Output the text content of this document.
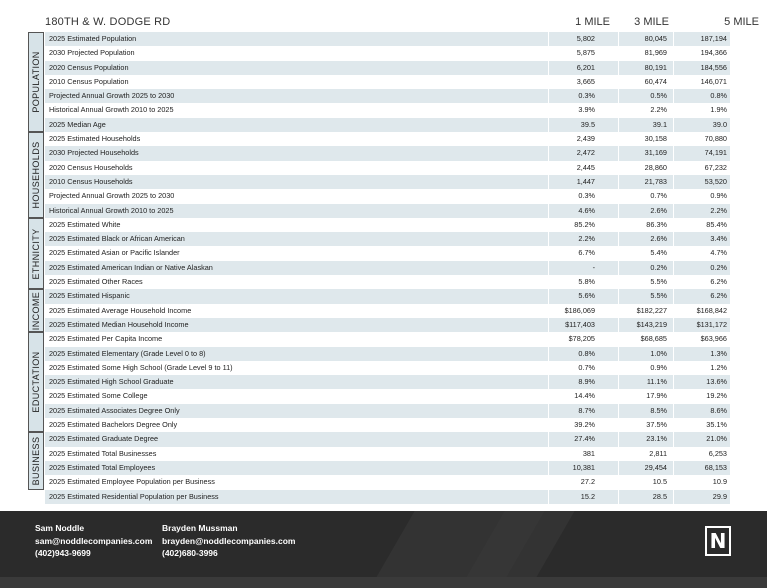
180TH & W. DODGE RD	1 MILE	3 MILE	5 MILE
POPULATION
HOUSEHOLDS
ETHNICITY
INCOME
EDUCTATION
BUSINESS
2025 Estimated Population	5,802	80,045	187,194
2030 Projected Population	5,875	81,969	194,366
2020 Census Population	6,201	80,191	184,556
2010 Census Population	3,665	60,474	146,071
Projected Annual Growth 2025 to 2030	0.3%	0.5%	0.8%
Historical Annual Growth 2010 to 2025	3.9%	2.2%	1.9%
2025 Median Age	39.5	39.1	39.0
2025 Estimated Households	2,439	30,158	70,880
2030 Projected Households	2,472	31,169	74,191
2020 Census Households	2,445	28,860	67,232
2010 Census Households	1,447	21,783	53,520
Projected Annual Growth 2025 to 2030	0.3%	0.7%	0.9%
Historical Annual Growth 2010 to 2025	4.6%	2.6%	2.2%
2025 Estimated White	85.2%	86.3%	85.4%
2025 Estimated Black or African American	2.2%	2.6%	3.4%
2025 Estimated Asian or Pacific Islander	6.7%	5.4%	4.7%
2025 Estimated American Indian or Native Alaskan	-	0.2%	0.2%
2025 Estimated Other Races	5.8%	5.5%	6.2%
2025 Estimated Hispanic	5.6%	5.5%	6.2%
2025 Estimated Average Household Income	$186,069	$182,227	$168,842
2025 Estimated Median Household Income	$117,403	$143,219	$131,172
2025 Estimated Per Capita Income	$78,205	$68,685	$63,966
2025 Estimated Elementary (Grade Level 0 to 8)	0.8%	1.0%	1.3%
2025 Estimated Some High School (Grade Level 9 to 11)	0.7%	0.9%	1.2%
2025 Estimated High School Graduate	8.9%	11.1%	13.6%
2025 Estimated Some College	14.4%	17.9%	19.2%
2025 Estimated Associates Degree Only	8.7%	8.5%	8.6%
2025 Estimated Bachelors Degree Only	39.2%	37.5%	35.1%
2025 Estimated Graduate Degree	27.4%	23.1%	21.0%
2025 Estimated Total Businesses	381	2,811	6,253
2025 Estimated Total Employees	10,381	29,454	68,153
2025 Estimated Employee Population per Business	27.2	10.5	10.9
2025 Estimated Residential Population per Business	15.2	28.5	29.9
Sam Noddle
sam@noddlecompanies.com
(402)943-9699
Brayden Mussman
brayden@noddlecompanies.com
(402)680-3996	N
